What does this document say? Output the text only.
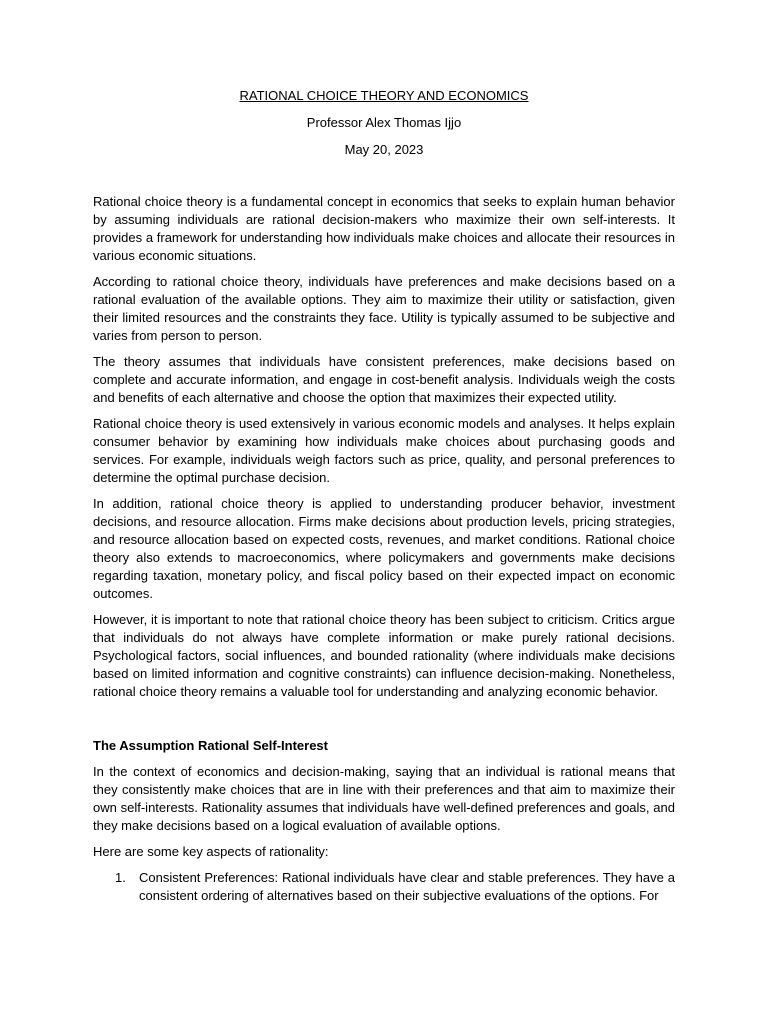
RATIONAL CHOICE THEORY AND ECONOMICS
Professor Alex Thomas Ijjo
May 20, 2023

Rational choice theory is a fundamental concept in economics that seeks to explain human behavior by assuming individuals are rational decision-makers who maximize their own self-interests. It provides a framework for understanding how individuals make choices and allocate their resources in various economic situations.

According to rational choice theory, individuals have preferences and make decisions based on a rational evaluation of the available options. They aim to maximize their utility or satisfaction, given their limited resources and the constraints they face. Utility is typically assumed to be subjective and varies from person to person.

The theory assumes that individuals have consistent preferences, make decisions based on complete and accurate information, and engage in cost-benefit analysis. Individuals weigh the costs and benefits of each alternative and choose the option that maximizes their expected utility.

Rational choice theory is used extensively in various economic models and analyses. It helps explain consumer behavior by examining how individuals make choices about purchasing goods and services. For example, individuals weigh factors such as price, quality, and personal preferences to determine the optimal purchase decision.

In addition, rational choice theory is applied to understanding producer behavior, investment decisions, and resource allocation. Firms make decisions about production levels, pricing strategies, and resource allocation based on expected costs, revenues, and market conditions. Rational choice theory also extends to macroeconomics, where policymakers and governments make decisions regarding taxation, monetary policy, and fiscal policy based on their expected impact on economic outcomes.

However, it is important to note that rational choice theory has been subject to criticism. Critics argue that individuals do not always have complete information or make purely rational decisions. Psychological factors, social influences, and bounded rationality (where individuals make decisions based on limited information and cognitive constraints) can influence decision-making. Nonetheless, rational choice theory remains a valuable tool for understanding and analyzing economic behavior.

The Assumption Rational Self-Interest

In the context of economics and decision-making, saying that an individual is rational means that they consistently make choices that are in line with their preferences and that aim to maximize their own self-interests. Rationality assumes that individuals have well-defined preferences and goals, and they make decisions based on a logical evaluation of available options.

Here are some key aspects of rationality:

1. Consistent Preferences: Rational individuals have clear and stable preferences. They have a consistent ordering of alternatives based on their subjective evaluations of the options. For
